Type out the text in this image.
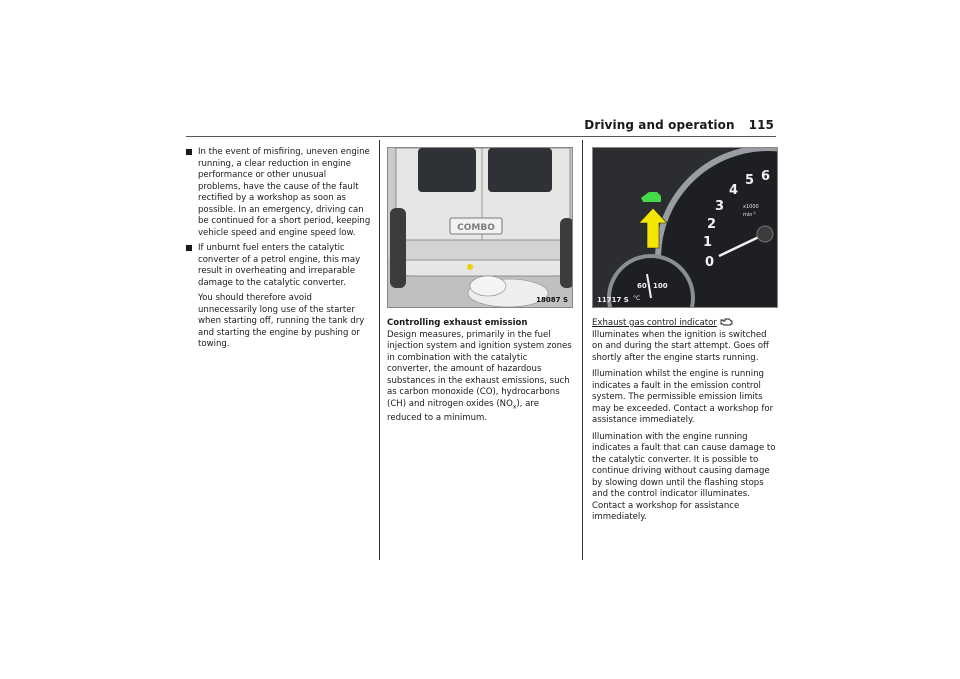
Driving and operation 115
In the event of misfiring, uneven engine running, a clear reduction in engine performance or other unusual problems, have the cause of the fault rectified by a workshop as soon as possible. In an emergency, driving can be continued for a short period, keeping vehicle speed and engine speed low.
If unburnt fuel enters the catalytic converter of a petrol engine, this may result in overheating and irreparable damage to the catalytic converter.
You should therefore avoid unnecessarily long use of the starter when starting off, running the tank dry and starting the engine by pushing or towing.
COMBO
18087 S
0
1
2
3
4
5 6
x1000
$\min^{-1}$
60 100
°C
11717 S
Controlling exhaust emission
Design measures, primarily in the fuel injection system and ignition system zones in combination with the catalytic converter, the amount of hazardous substances in the exhaust emissions, such as carbon monoxide (CO), hydrocarbons (CH) and nitrogen oxides $(NO_x)$, are reduced to a minimum.
Exhaust gas control indicator
Illuminates when the ignition is switched on and during the start attempt. Goes off shortly after the engine starts running.
Illumination whilst the engine is running indicates a fault in the emission control system. The permissible emission limits may be exceeded. Contact a workshop for assistance immediately.
Illumination with the engine running indicates a fault that can cause damage to the catalytic converter. It is possible to continue driving without causing damage by slowing down until the flashing stops and the control indicator illuminates. Contact a workshop for assistance immediately.
